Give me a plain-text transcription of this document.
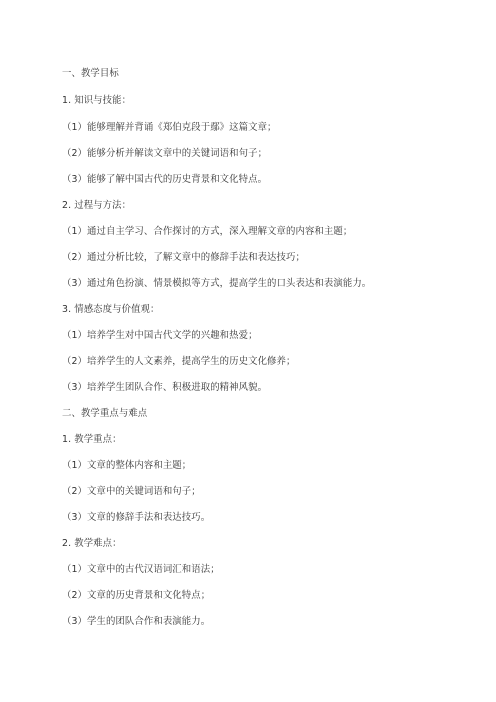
一、教学目标
1. 知识与技能：
（1）能够理解并背诵《郑伯克段于鄢》这篇文章；
（2）能够分析并解读文章中的关键词语和句子；
（3）能够了解中国古代的历史背景和文化特点。
2. 过程与方法：
（1）通过自主学习、合作探讨的方式，深入理解文章的内容和主题；
（2）通过分析比较，了解文章中的修辞手法和表达技巧；
（3）通过角色扮演、情景模拟等方式，提高学生的口头表达和表演能力。
3. 情感态度与价值观：
（1）培养学生对中国古代文学的兴趣和热爱；
（2）培养学生的人文素养，提高学生的历史文化修养；
（3）培养学生团队合作、积极进取的精神风貌。
二、教学重点与难点
1. 教学重点：
（1）文章的整体内容和主题；
（2）文章中的关键词语和句子；
（3）文章的修辞手法和表达技巧。
2. 教学难点：
（1）文章中的古代汉语词汇和语法；
（2）文章的历史背景和文化特点；
（3）学生的团队合作和表演能力。
